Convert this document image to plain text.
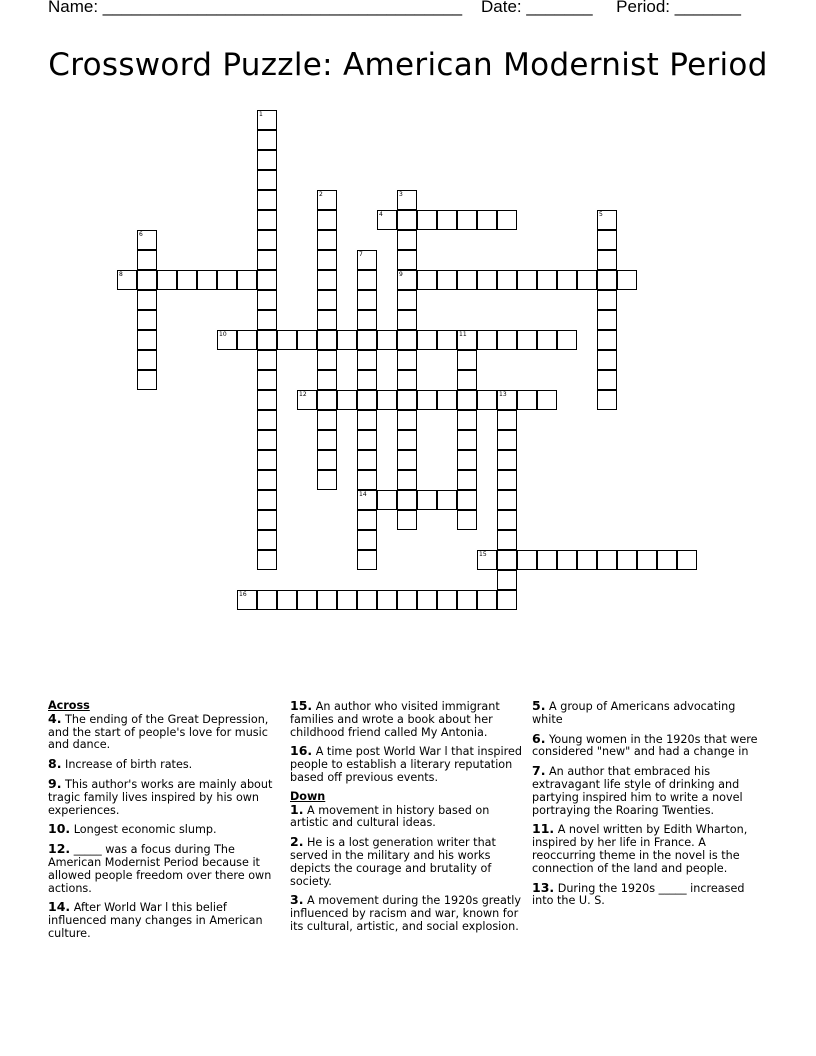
Name: ______________________________________ Date: _______ Period: _______
Crossword Puzzle: American Modernist Period
1
2	3
9
4	5
6
7
14
8
10	11
12	13
15
16
Across
4. The ending of the Great Depression, and the start of people's love for music and dance.
8. Increase of birth rates.
9. This author's works are mainly about tragic family lives inspired by his own experiences.
10. Longest economic slump.
12. _____ was a focus during The American Modernist Period because it allowed people freedom over there own actions.
14. After World War l this belief influenced many changes in American culture.
15. An author who visited immigrant families and wrote a book about her childhood friend called My Antonia.
16. A time post World War l that inspired people to establish a literary reputation based off previous events.
Down
1. A movement in history based on artistic and cultural ideas.
2. He is a lost generation writer that served in the military and his works depicts the courage and brutality of society.
3. A movement during the 1920s greatly influenced by racism and war, known for its cultural, artistic, and social explosion.
5. A group of Americans advocating white
6. Young women in the 1920s that were considered "new" and had a change in
7. An author that embraced his extravagant life style of drinking and partying inspired him to write a novel portraying the Roaring Twenties.
11. A novel written by Edith Wharton, inspired by her life in France. A reoccurring theme in the novel is the connection of the land and people.
13. During the 1920s _____ increased into the U. S.
